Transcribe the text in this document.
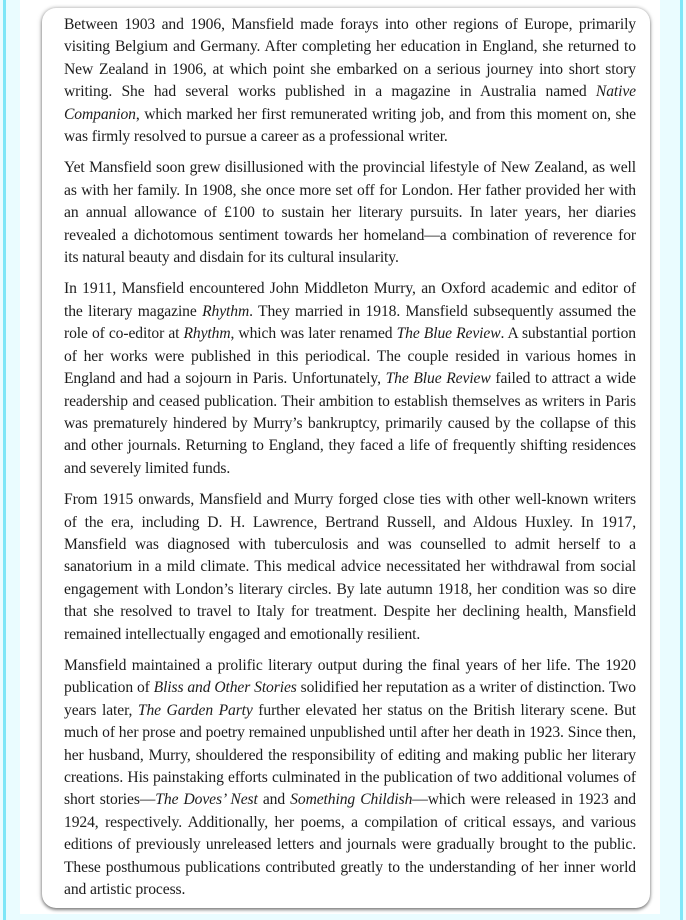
Between 1903 and 1906, Mansfield made forays into other regions of Europe, primarily visiting Belgium and Germany. After completing her education in England, she returned to New Zealand in 1906, at which point she embarked on a serious journey into short story writing. She had several works published in a magazine in Australia named Native Companion, which marked her first remunerated writing job, and from this moment on, she was firmly resolved to pursue a career as a professional writer.

Yet Mansfield soon grew disillusioned with the provincial lifestyle of New Zealand, as well as with her family. In 1908, she once more set off for London. Her father provided her with an annual allowance of £100 to sustain her literary pursuits. In later years, her diaries revealed a dichotomous sentiment towards her homeland—a combination of reverence for its natural beauty and disdain for its cultural insularity.

In 1911, Mansfield encountered John Middleton Murry, an Oxford academic and editor of the literary magazine Rhythm. They married in 1918. Mansfield subsequently assumed the role of co-editor at Rhythm, which was later renamed The Blue Review. A substantial portion of her works were published in this periodical. The couple resided in various homes in England and had a sojourn in Paris. Unfortunately, The Blue Review failed to attract a wide readership and ceased publication. Their ambition to establish themselves as writers in Paris was prematurely hindered by Murry’s bankruptcy, primarily caused by the collapse of this and other journals. Returning to England, they faced a life of frequently shifting residences and severely limited funds.

From 1915 onwards, Mansfield and Murry forged close ties with other well-known writers of the era, including D. H. Lawrence, Bertrand Russell, and Aldous Huxley. In 1917, Mansfield was diagnosed with tuberculosis and was counselled to admit herself to a sanatorium in a mild climate. This medical advice necessitated her withdrawal from social engagement with London’s literary circles. By late autumn 1918, her condition was so dire that she resolved to travel to Italy for treatment. Despite her declining health, Mansfield remained intellectually engaged and emotionally resilient.

Mansfield maintained a prolific literary output during the final years of her life. The 1920 publication of Bliss and Other Stories solidified her reputation as a writer of distinction. Two years later, The Garden Party further elevated her status on the British literary scene. But much of her prose and poetry remained unpublished until after her death in 1923. Since then, her husband, Murry, shouldered the responsibility of editing and making public her literary creations. His painstaking efforts culminated in the publication of two additional volumes of short stories—The Doves’ Nest and Something Childish—which were released in 1923 and 1924, respectively. Additionally, her poems, a compilation of critical essays, and various editions of previously unreleased letters and journals were gradually brought to the public. These posthumous publications contributed greatly to the understanding of her inner world and artistic process.
